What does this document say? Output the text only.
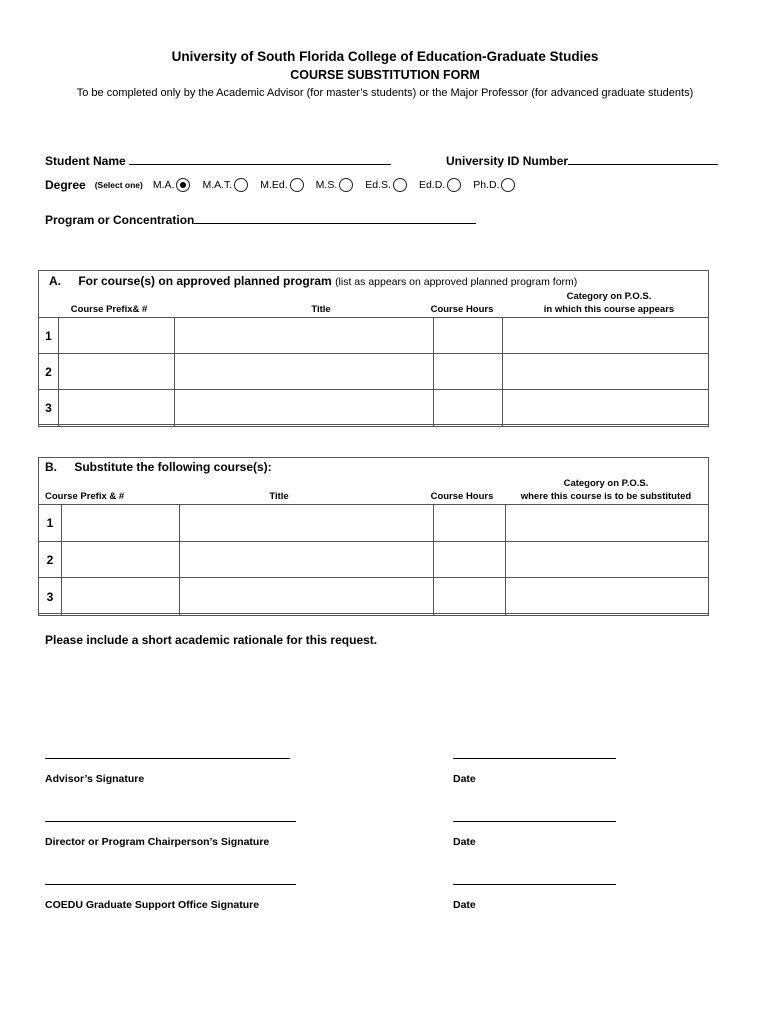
University of South Florida College of Education-Graduate Studies
COURSE SUBSTITUTION FORM
To be completed only by the Academic Advisor (for master’s students) or the Major Professor (for advanced graduate students)
Student Name	University ID Number
Degree (Select one) M.A.	M.A.T.	M.Ed.	M.S.	Ed.S.	Ed.D.	Ph.D.
Program or Concentration
A. For course(s) on approved planned program (list as appears on approved planned program form)
Course Prefix& #	Title	Course Hours
Category on P.O.S.
in which this course appears
1				
2				
3				
B. Substitute the following course(s):
Course Prefix & #	Title	Course Hours
Category on P.O.S.
where this course is to be substituted
1				
2				
3				
Please include a short academic rationale for this request.
Advisor’s Signature	Date
Director or Program Chairperson’s Signature	Date
COEDU Graduate Support Office Signature	Date
